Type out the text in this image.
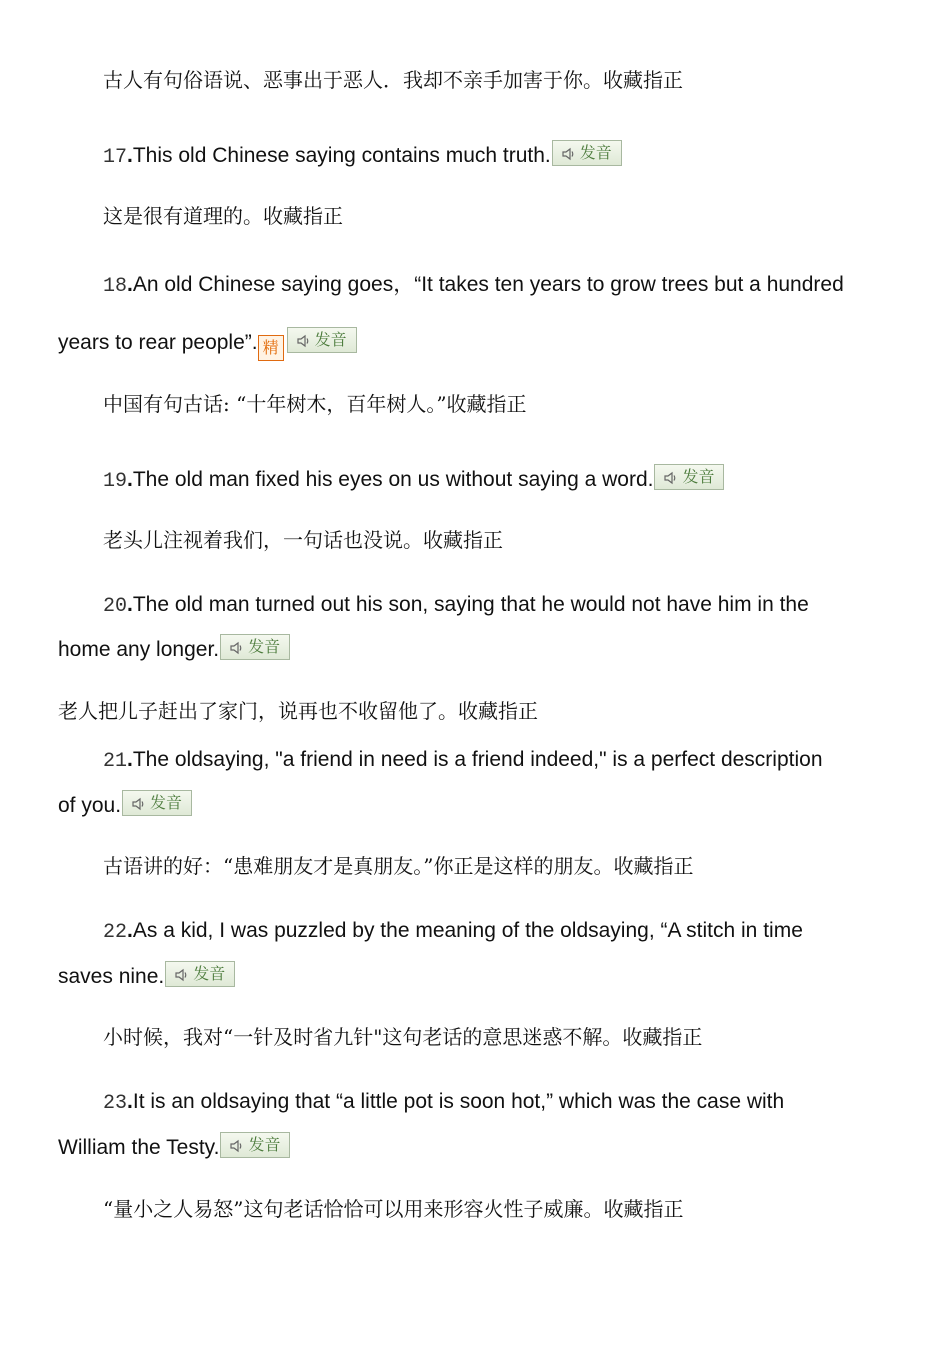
古人有句俗语说、恶事出于恶人．我却不亲手加害于你。收藏指正
17.This old Chinese saying contains much truth. 发音
这是很有道理的。收藏指正
18.An old Chinese saying goes，“It takes ten years to grow trees but a hundred
years to rear people”. 精 发音
中国有句古话: “十年树木，百年树人。”收藏指正
19.The old man fixed his eyes on us without saying a word. 发音
老头儿注视着我们，一句话也没说。收藏指正
20.The old man turned out his son, saying that he would not have him in the
home any longer. 发音
老人把儿子赶出了家门，说再也不收留他了。收藏指正
21.The oldsaying, "a friend in need is a friend indeed," is a perfect description
of you. 发音
古语讲的好：“患难朋友才是真朋友。”你正是这样的朋友。收藏指正
22.As a kid, I was puzzled by the meaning of the oldsaying, “A stitch in time
saves nine. 发音
小时候，我对“一针及时省九针"这句老话的意思迷惑不解。收藏指正
23.It is an oldsaying that “a little pot is soon hot,” which was the case with
William the Testy. 发音
“量小之人易怒”这句老话恰恰可以用来形容火性子威廉。收藏指正
